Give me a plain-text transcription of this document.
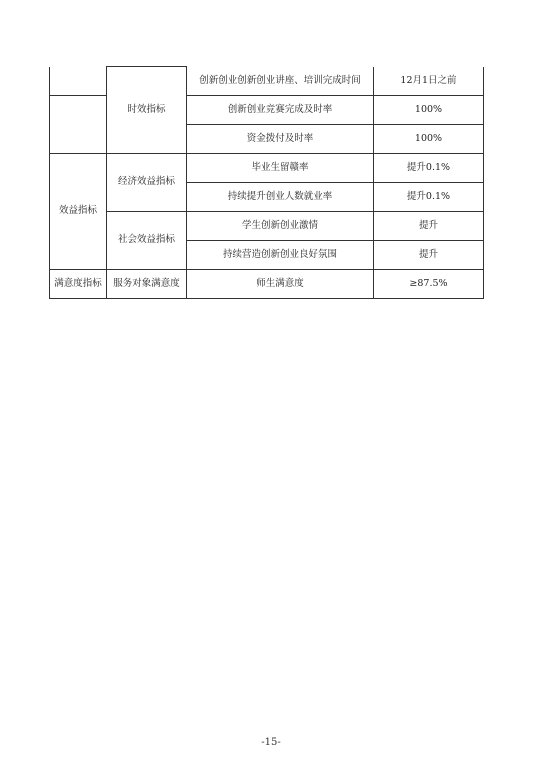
	时效指标	创新创业创新创业讲座、培训完成时间	12月1日之前
		创新创业竞赛完成及时率	100%
		资金拨付及时率	100%
效益指标	经济效益指标	毕业生留赣率	提升0.1%
		持续提升创业人数就业率	提升0.1%
	社会效益指标	学生创新创业激情	提升
		持续营造创新创业良好氛围	提升
满意度指标	服务对象满意度	师生满意度	≥87.5%
-15-
